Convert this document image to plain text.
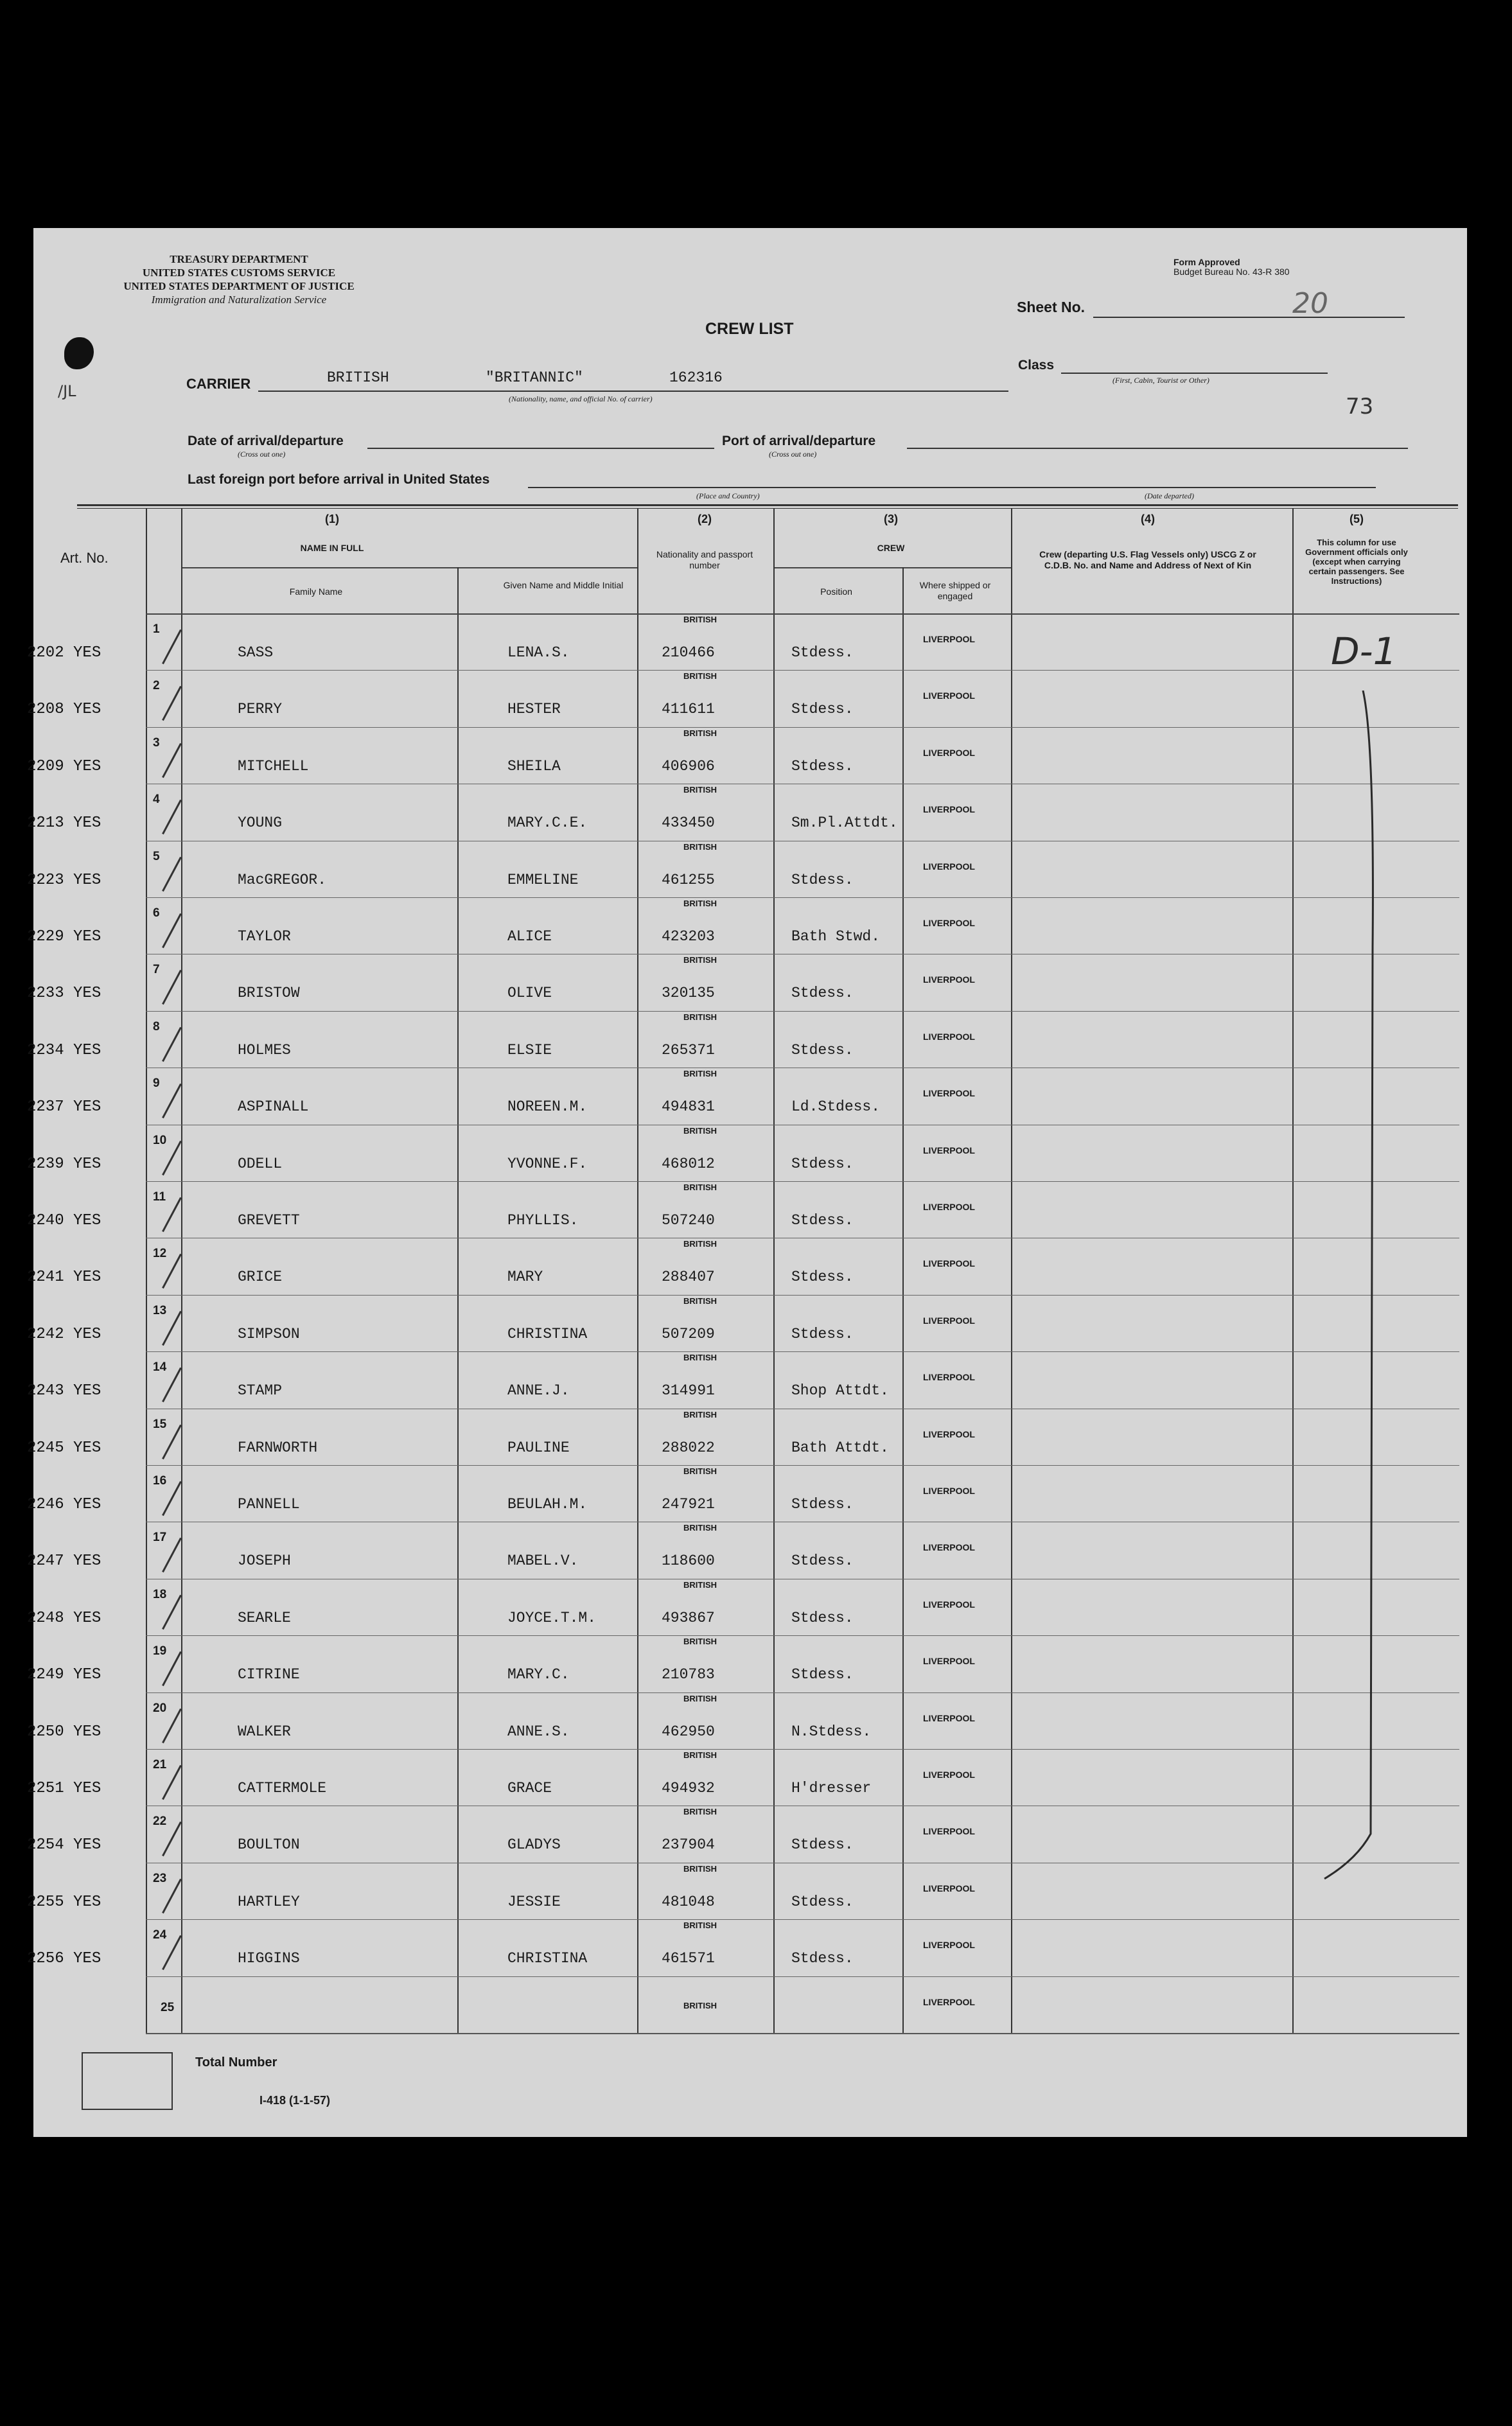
TREASURY DEPARTMENT
UNITED STATES CUSTOMS SERVICE
UNITED STATES DEPARTMENT OF JUSTICE
Immigration and Naturalization Service
/JL
Form Approved
Budget Bureau No. 43-R 380
CREW LIST
Sheet No.	20
Class
(First, Cabin, Tourist or Other)
73
CARRIER	BRITISH	"BRITANNIC"	162316
(Nationality, name, and official No. of carrier)
Date of arrival/departure
(Cross out one)
Port of arrival/departure
(Cross out one)
Last foreign port before arrival in United States
(Place and Country)	(Date departed)
Art. No.
(1)
NAME IN FULL
Family Name
Given Name and Middle Initial
(2)
Nationality and passport number
(3)
CREW
Position
Where shipped or engaged
(4)
Crew (departing U.S. Flag Vessels only) USCG Z or C.D.B. No. and Name and Address of Next of Kin
(5)
This column for use Government officials only (except when carrying certain passengers. See Instructions)
2202 YES
1
SASS	LENA.S.
BRITISH
210466	Stdess.
LIVERPOOL
2208 YES
2
PERRY	HESTER
BRITISH
411611	Stdess.
LIVERPOOL
2209 YES
3
MITCHELL	SHEILA
BRITISH
406906	Stdess.
LIVERPOOL
2213 YES
4
YOUNG	MARY.C.E.
BRITISH
433450	Sm.Pl.Attdt.
LIVERPOOL
2223 YES
5
MacGREGOR.	EMMELINE
BRITISH
461255	Stdess.
LIVERPOOL
2229 YES
6
TAYLOR	ALICE
BRITISH
423203	Bath Stwd.
LIVERPOOL
2233 YES
7
BRISTOW	OLIVE
BRITISH
320135	Stdess.
LIVERPOOL
2234 YES
8
HOLMES	ELSIE
BRITISH
265371	Stdess.
LIVERPOOL
2237 YES
9
ASPINALL	NOREEN.M.
BRITISH
494831	Ld.Stdess.
LIVERPOOL
2239 YES
10
ODELL	YVONNE.F.
BRITISH
468012	Stdess.
LIVERPOOL
2240 YES
11
GREVETT	PHYLLIS.
BRITISH
507240	Stdess.
LIVERPOOL
2241 YES
12
GRICE	MARY
BRITISH
288407	Stdess.
LIVERPOOL
2242 YES
13
SIMPSON	CHRISTINA
BRITISH
507209	Stdess.
LIVERPOOL
2243 YES
14
STAMP	ANNE.J.
BRITISH
314991	Shop Attdt.
LIVERPOOL
2245 YES
15
FARNWORTH	PAULINE
BRITISH
288022	Bath Attdt.
LIVERPOOL
2246 YES
16
PANNELL	BEULAH.M.
BRITISH
247921	Stdess.
LIVERPOOL
2247 YES
17
JOSEPH	MABEL.V.
BRITISH
118600	Stdess.
LIVERPOOL
2248 YES
18
SEARLE	JOYCE.T.M.
BRITISH
493867	Stdess.
LIVERPOOL
2249 YES
19
CITRINE	MARY.C.
BRITISH
210783	Stdess.
LIVERPOOL
2250 YES
20
WALKER	ANNE.S.
BRITISH
462950	N.Stdess.
LIVERPOOL
2251 YES
21
CATTERMOLE	GRACE
BRITISH
494932	H'dresser
LIVERPOOL
2254 YES
22
BOULTON	GLADYS
BRITISH
237904	Stdess.
LIVERPOOL
2255 YES
23
HARTLEY	JESSIE
BRITISH
481048	Stdess.
LIVERPOOL
2256 YES
24
HIGGINS	CHRISTINA
BRITISH
461571	Stdess.
LIVERPOOL
25	BRITISH	LIVERPOOL
D-1
Total Number
I-418 (1-1-57)
